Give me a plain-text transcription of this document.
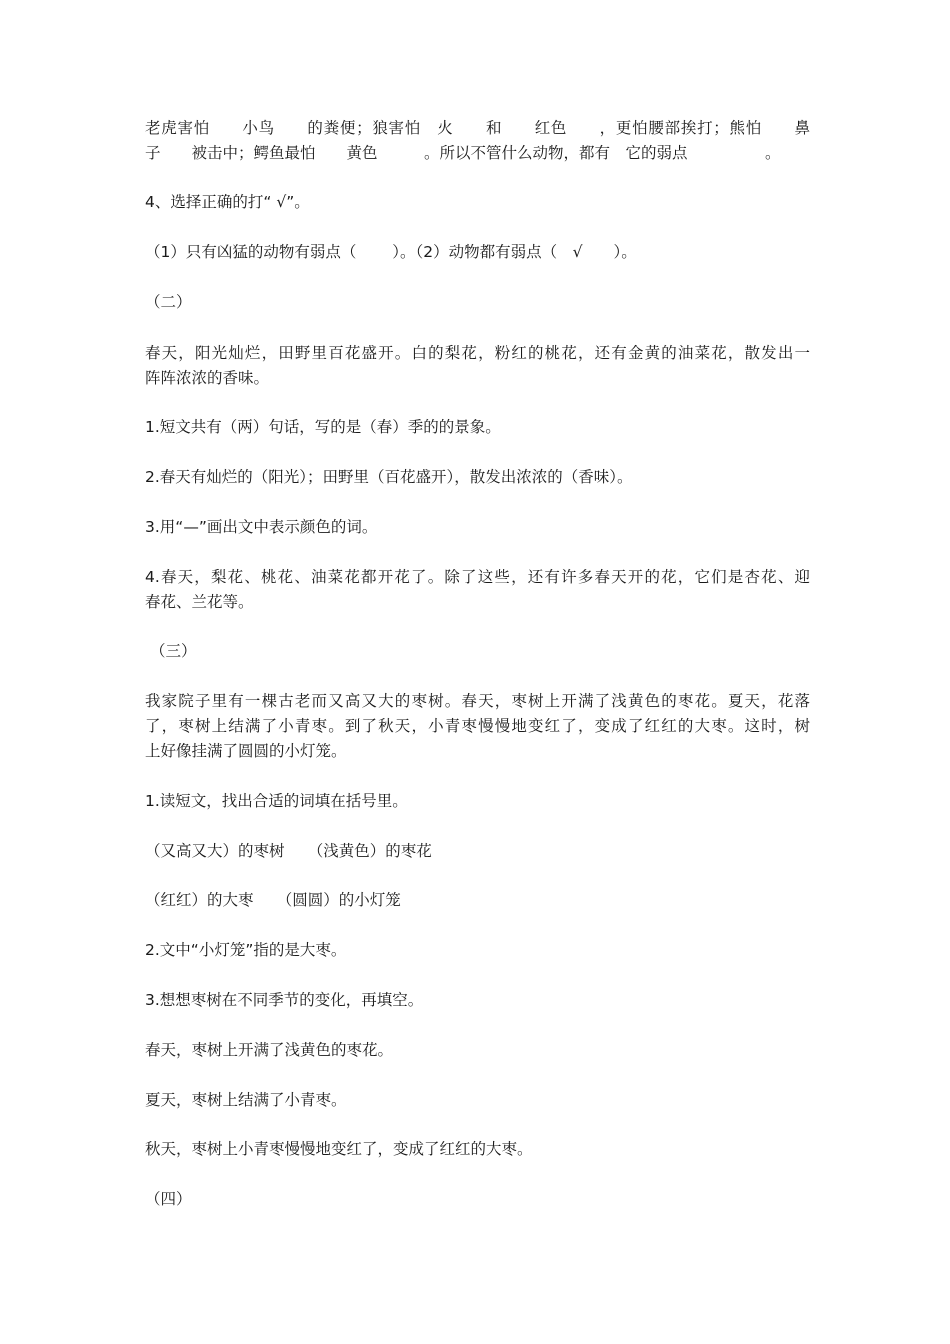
老虎害怕　　小鸟　　的粪便；狼害怕　火　　和　　红色　　，更怕腰部挨打；熊怕　　鼻

子　　被击中；鳄鱼最怕　　黄色　　　。所以不管什么动物，都有　它的弱点　　　　　。

4、选择正确的打“ √”。

（1）只有凶猛的动物有弱点（　　 ）。（2）动物都有弱点（　√　　）。

（二）

春天，阳光灿烂，田野里百花盛开。白的梨花，粉红的桃花，还有金黄的油菜花，散发出一

阵阵浓浓的香味。

1.短文共有（两）句话，写的是（春）季的的景象。

2.春天有灿烂的（阳光）；田野里（百花盛开），散发出浓浓的（香味）。

3.用“—”画出文中表示颜色的词。

4.春天，梨花、桃花、油菜花都开花了。除了这些，还有许多春天开的花，它们是杏花、迎

春花、兰花等。

（三）

我家院子里有一棵古老而又高又大的枣树。春天，枣树上开满了浅黄色的枣花。夏天，花落

了，枣树上结满了小青枣。到了秋天，小青枣慢慢地变红了，变成了红红的大枣。这时，树

上好像挂满了圆圆的小灯笼。

1.读短文，找出合适的词填在括号里。

（又高又大）的枣树　　（浅黄色）的枣花

（红红）的大枣　　（圆圆）的小灯笼

2.文中“小灯笼”指的是大枣。

3.想想枣树在不同季节的变化，再填空。

春天，枣树上开满了浅黄色的枣花。

夏天，枣树上结满了小青枣。

秋天，枣树上小青枣慢慢地变红了，变成了红红的大枣。

（四）
